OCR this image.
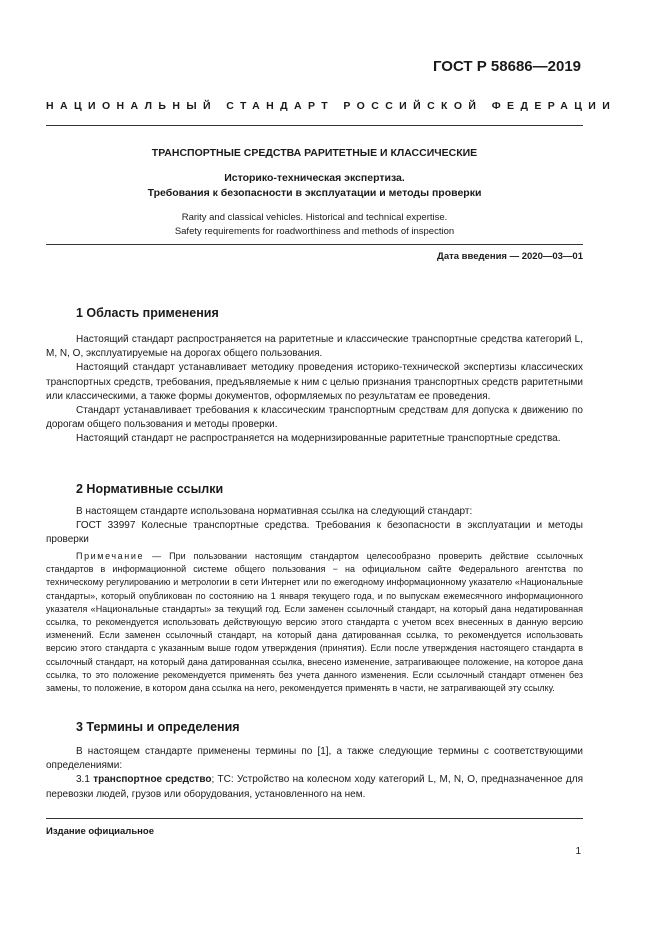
ГОСТ Р 58686—2019
НАЦИОНАЛЬНЫЙ СТАНДАРТ РОССИЙСКОЙ ФЕДЕРАЦИИ
ТРАНСПОРТНЫЕ СРЕДСТВА РАРИТЕТНЫЕ И КЛАССИЧЕСКИЕ
Историко-техническая экспертиза.
Требования к безопасности в эксплуатации и методы проверки
Rarity and classical vehicles. Historical and technical expertise.
Safety requirements for roadworthiness and methods of inspection
Дата введения — 2020—03—01
1 Область применения

Настоящий стандарт распространяется на раритетные и классические транспортные средства категорий L, M, N, O, эксплуатируемые на дорогах общего пользования.

Настоящий стандарт устанавливает методику проведения историко-технической экспертизы классических транспортных средств, требования, предъявляемые к ним с целью признания транспортных средств раритетными или классическими, а также формы документов, оформляемых по результатам ее проведения.

Стандарт устанавливает требования к классическим транспортным средствам для допуска к движению по дорогам общего пользования и методы проверки.

Настоящий стандарт не распространяется на модернизированные раритетные транспортные средства.

2 Нормативные ссылки

В настоящем стандарте использована нормативная ссылка на следующий стандарт:

ГОСТ 33997 Колесные транспортные средства. Требования к безопасности в эксплуатации и методы проверки

Примечание — При пользовании настоящим стандартом целесообразно проверить действие ссылочных стандартов в информационной системе общего пользования − на официальном сайте Федерального агентства по техническому регулированию и метрологии в сети Интернет или по ежегодному информационному указателю «Национальные стандарты», который опубликован по состоянию на 1 января текущего года, и по выпускам ежемесячного информационного указателя «Национальные стандарты» за текущий год. Если заменен ссылочный стандарт, на который дана недатированная ссылка, то рекомендуется использовать действующую версию этого стандарта с учетом всех внесенных в данную версию изменений. Если заменен ссылочный стандарт, на который дана датированная ссылка, то рекомендуется использовать версию этого стандарта с указанным выше годом утверждения (принятия). Если после утверждения настоящего стандарта в ссылочный стандарт, на который дана датированная ссылка, внесено изменение, затрагивающее положение, на которое дана ссылка, то это положение рекомендуется применять без учета данного изменения. Если ссылочный стандарт отменен без замены, то положение, в котором дана ссылка на него, рекомендуется применять в части, не затрагивающей эту ссылку.

3 Термины и определения

В настоящем стандарте применены термины по [1], а также следующие термины с соответствующими определениями:

3.1 транспортное средство; ТС: Устройство на колесном ходу категорий L, M, N, O, предназначенное для перевозки людей, грузов или оборудования, установленного на нем.

Издание официальное
1
